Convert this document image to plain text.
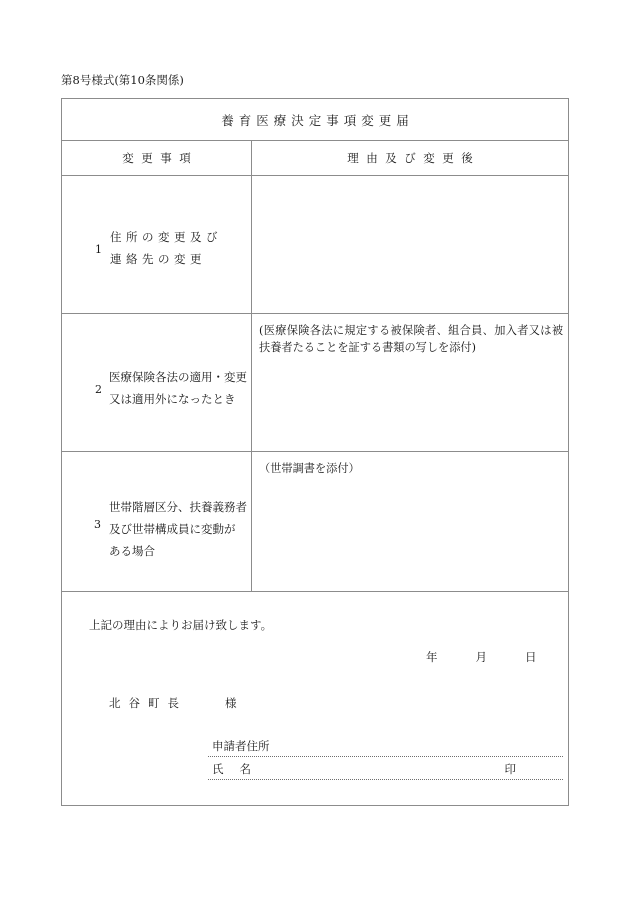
第8号様式(第10条関係)
養育医療決定事項変更届	
変更事項	理由及び変更後

1
住所の変更及び
連絡先の変更	

2
医療保険各法の適用・変更
又は適用外になったとき	(医療保険各法に規定する被保険者、組合員、加入者又は被扶養者たることを証する書類の写しを添付)

3
世帯階層区分、扶養義務者
及び世帯構成員に変動が
ある場合	（世帯調書を添付）

上記の理由によりお届け致します。
年	月	日
北谷町長	様
申請者住所
氏名	印
